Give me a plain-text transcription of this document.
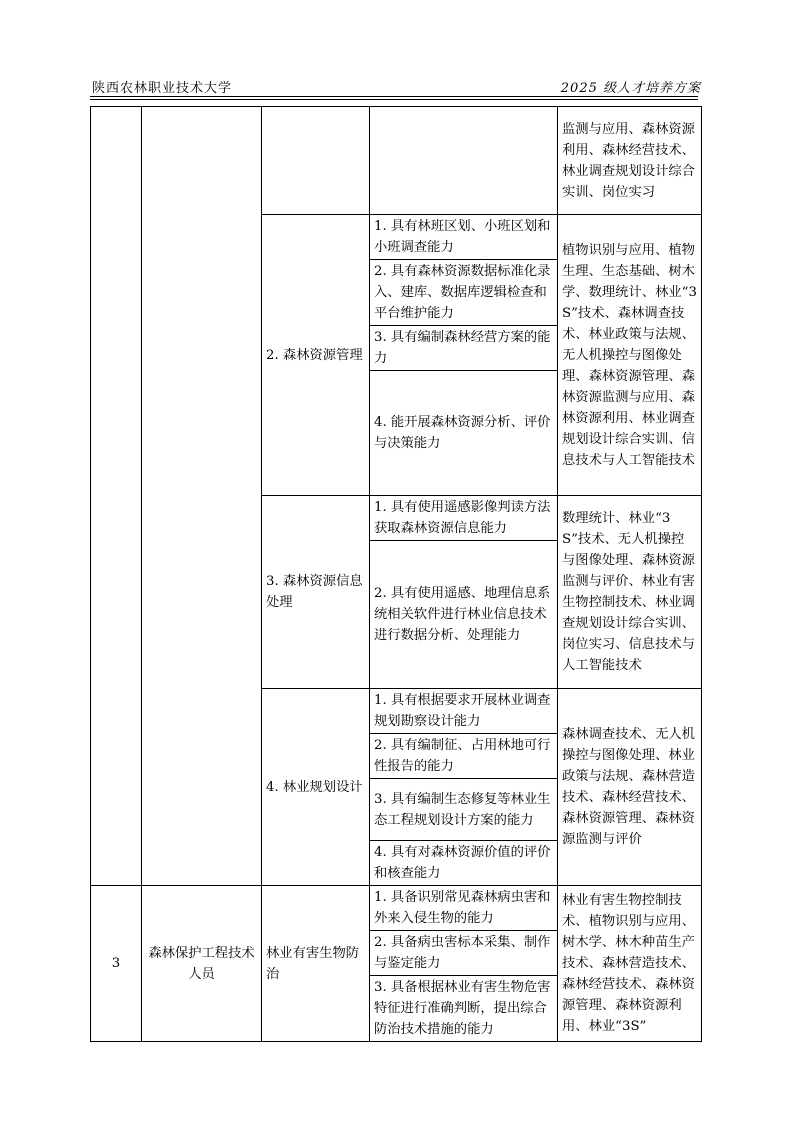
陕西农林职业技术大学	2025 级人才培养方案
				监测与应用、森林资源利用、森林经营技术、林业调查规划设计综合实训、岗位实习
		2. 森林资源管理	1. 具有林班区划、小班区划和小班调查能力	植物识别与应用、植物生理、生态基础、树木学、数理统计、林业“3S”技术、森林调查技术、林业政策与法规、无人机操控与图像处理、森林资源管理、森林资源监测与应用、森林资源利用、林业调查规划设计综合实训、信息技术与人工智能技术
			2. 具有森林资源数据标准化录入、建库、数据库逻辑检查和平台维护能力	
			3. 具有编制森林经营方案的能力	
			4. 能开展森林资源分析、评价与决策能力	
		3. 森林资源信息处理	1. 具有使用遥感影像判读方法获取森林资源信息能力	数理统计、林业“3S”技术、无人机操控与图像处理、森林资源监测与评价、林业有害生物控制技术、林业调查规划设计综合实训、岗位实习、信息技术与人工智能技术
			2. 具有使用遥感、地理信息系统相关软件进行林业信息技术进行数据分析、处理能力	
		4. 林业规划设计	1. 具有根据要求开展林业调查规划勘察设计能力	森林调查技术、无人机操控与图像处理、林业政策与法规、森林营造技术、森林经营技术、森林资源管理、森林资源监测与评价
			2. 具有编制征、占用林地可行性报告的能力	
			3. 具有编制生态修复等林业生态工程规划设计方案的能力	
			4. 具有对森林资源价值的评价和核查能力	

3	森林保护工程技术人员	林业有害生物防治	1. 具备识别常见森林病虫害和外来入侵生物的能力	林业有害生物控制技术、植物识别与应用、树木学、林木种苗生产技术、森林营造技术、森林经营技术、森林资源管理、森林资源利用、林业“3S”
			2. 具备病虫害标本采集、制作与鉴定能力	
			3. 具备根据林业有害生物危害特征进行准确判断，提出综合防治技术措施的能力	
